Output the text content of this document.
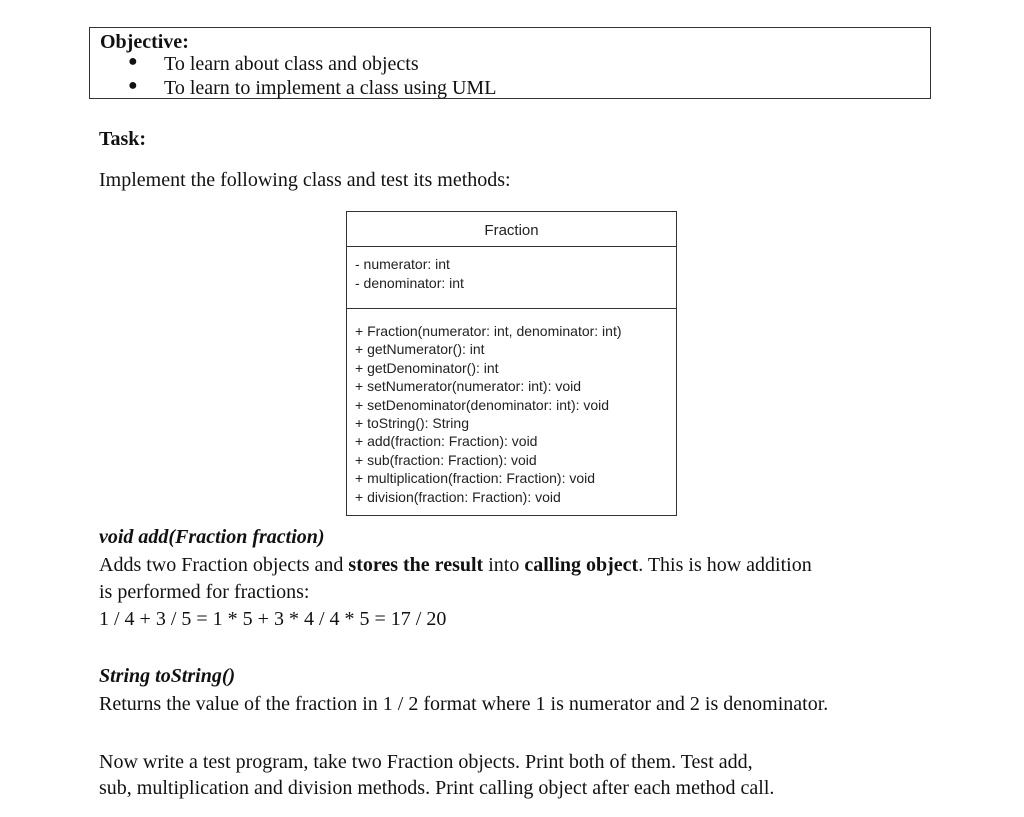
Objective:
● To learn about class and objects
● To learn to implement a class using UML
Task:
Implement the following class and test its methods:
Fraction
- numerator: int
- denominator: int
+ Fraction(numerator: int, denominator: int)
+ getNumerator(): int
+ getDenominator(): int
+ setNumerator(numerator: int): void
+ setDenominator(denominator: int): void
+ toString(): String
+ add(fraction: Fraction): void
+ sub(fraction: Fraction): void
+ multiplication(fraction: Fraction): void
+ division(fraction: Fraction): void
void add(Fraction fraction)
Adds two Fraction objects and stores the result into calling object. This is how addition
is performed for fractions:
1 / 4 + 3 / 5 = 1 * 5 + 3 * 4 / 4 * 5 = 17 / 20
String toString()
Returns the value of the fraction in 1 / 2 format where 1 is numerator and 2 is denominator.
Now write a test program, take two Fraction objects. Print both of them. Test add,
sub, multiplication and division methods. Print calling object after each method call.
